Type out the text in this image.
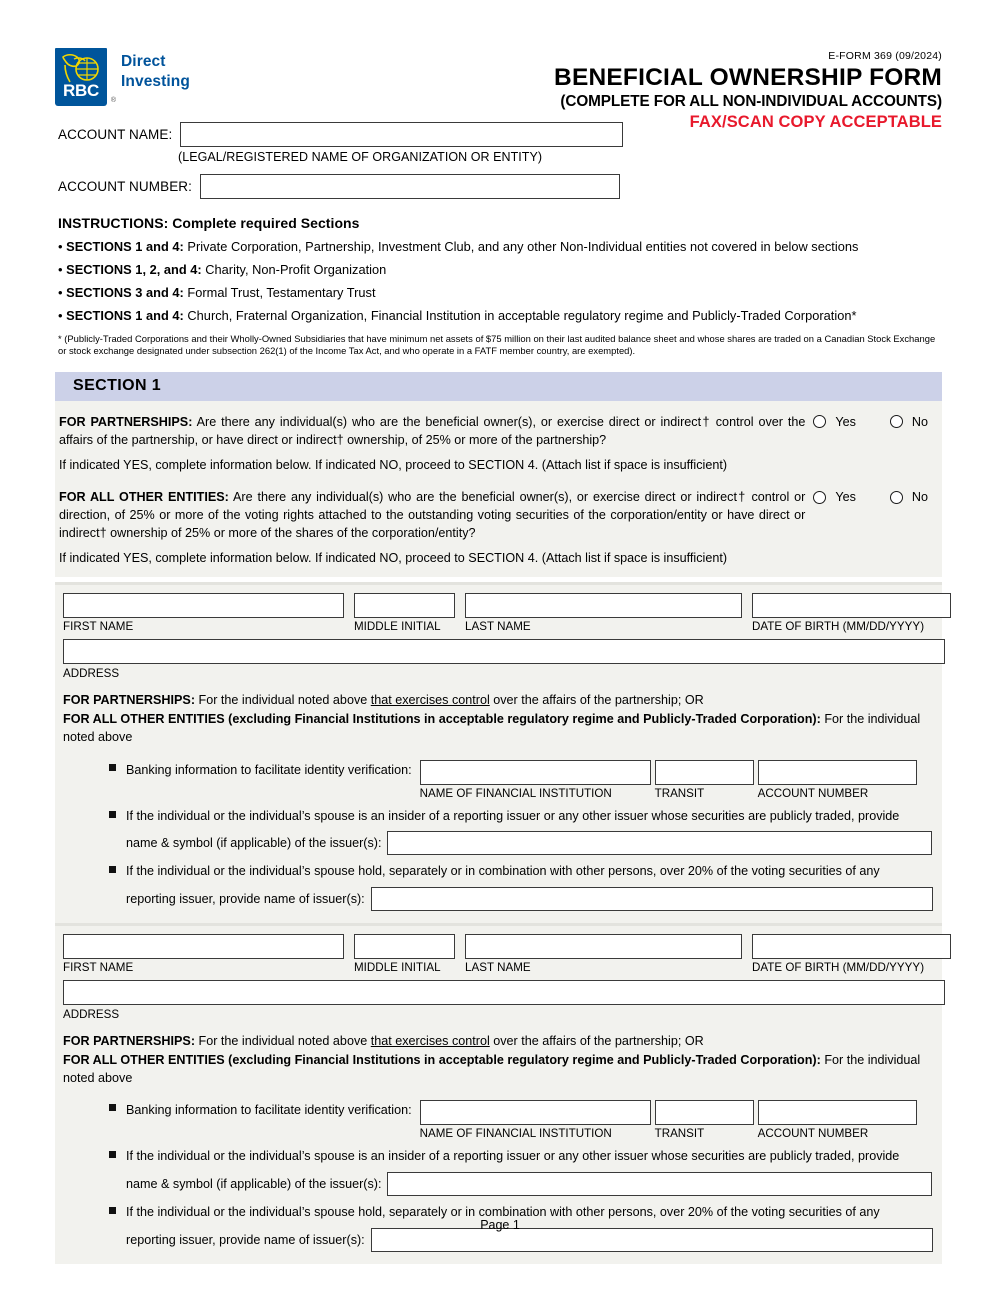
RBC
®
Direct
Investing
E-FORM 369 (09/2024)
BENEFICIAL OWNERSHIP FORM
(COMPLETE FOR ALL NON-INDIVIDUAL ACCOUNTS)
FAX/SCAN COPY ACCEPTABLE
ACCOUNT NAME:
(LEGAL/REGISTERED NAME OF ORGANIZATION OR ENTITY)
ACCOUNT NUMBER:
INSTRUCTIONS: Complete required Sections
• SECTIONS 1 and 4: Private Corporation, Partnership, Investment Club, and any other Non-Individual entities not covered in below sections
• SECTIONS 1, 2, and 4: Charity, Non-Profit Organization
• SECTIONS 3 and 4: Formal Trust, Testamentary Trust
• SECTIONS 1 and 4: Church, Fraternal Organization, Financial Institution in acceptable regulatory regime and Publicly-Traded Corporation*
* (Publicly-Traded Corporations and their Wholly-Owned Subsidiaries that have minimum net assets of $75 million on their last audited balance sheet and whose shares are traded on a Canadian Stock Exchange or stock exchange designated under subsection 262(1) of the Income Tax Act, and who operate in a FATF member country, are exempted).
SECTION 1
FOR PARTNERSHIPS: Are there any individual(s) who are the beneficial owner(s), or exercise direct or indirect† control over the affairs of the partnership, or have direct or indirect† ownership, of 25% or more of the partnership?
Yes	No
If indicated YES, complete information below. If indicated NO, proceed to SECTION 4. (Attach list if space is insufficient)
FOR ALL OTHER ENTITIES: Are there any individual(s) who are the beneficial owner(s), or exercise direct or indirect† control or direction, of 25% or more of the voting rights attached to the outstanding voting securities of the corporation/entity or have direct or indirect† ownership of 25% or more of the shares of the corporation/entity?
Yes	No
If indicated YES, complete information below. If indicated NO, proceed to SECTION 4. (Attach list if space is insufficient)
FIRST NAME	MIDDLE INITIAL	LAST NAME	DATE OF BIRTH (MM/DD/YYYY)
ADDRESS
FOR PARTNERSHIPS: For the individual noted above that exercises control over the affairs of the partnership; OR
FOR ALL OTHER ENTITIES (excluding Financial Institutions in acceptable regulatory regime and Publicly-Traded Corporation): For the individual noted above
Banking information to facilitate identity verification:
NAME OF FINANCIAL INSTITUTION	TRANSIT	ACCOUNT NUMBER
If the individual or the individual’s spouse is an insider of a reporting issuer or any other issuer whose securities are publicly traded, provide
name & symbol (if applicable) of the issuer(s):
If the individual or the individual’s spouse hold, separately or in combination with other persons, over 20% of the voting securities of any
reporting issuer, provide name of issuer(s):
FIRST NAME	MIDDLE INITIAL	LAST NAME	DATE OF BIRTH (MM/DD/YYYY)
ADDRESS
FOR PARTNERSHIPS: For the individual noted above that exercises control over the affairs of the partnership; OR
FOR ALL OTHER ENTITIES (excluding Financial Institutions in acceptable regulatory regime and Publicly-Traded Corporation): For the individual noted above
Banking information to facilitate identity verification:
NAME OF FINANCIAL INSTITUTION	TRANSIT	ACCOUNT NUMBER
If the individual or the individual’s spouse is an insider of a reporting issuer or any other issuer whose securities are publicly traded, provide
name & symbol (if applicable) of the issuer(s):
If the individual or the individual’s spouse hold, separately or in combination with other persons, over 20% of the voting securities of any
reporting issuer, provide name of issuer(s):
Page 1
